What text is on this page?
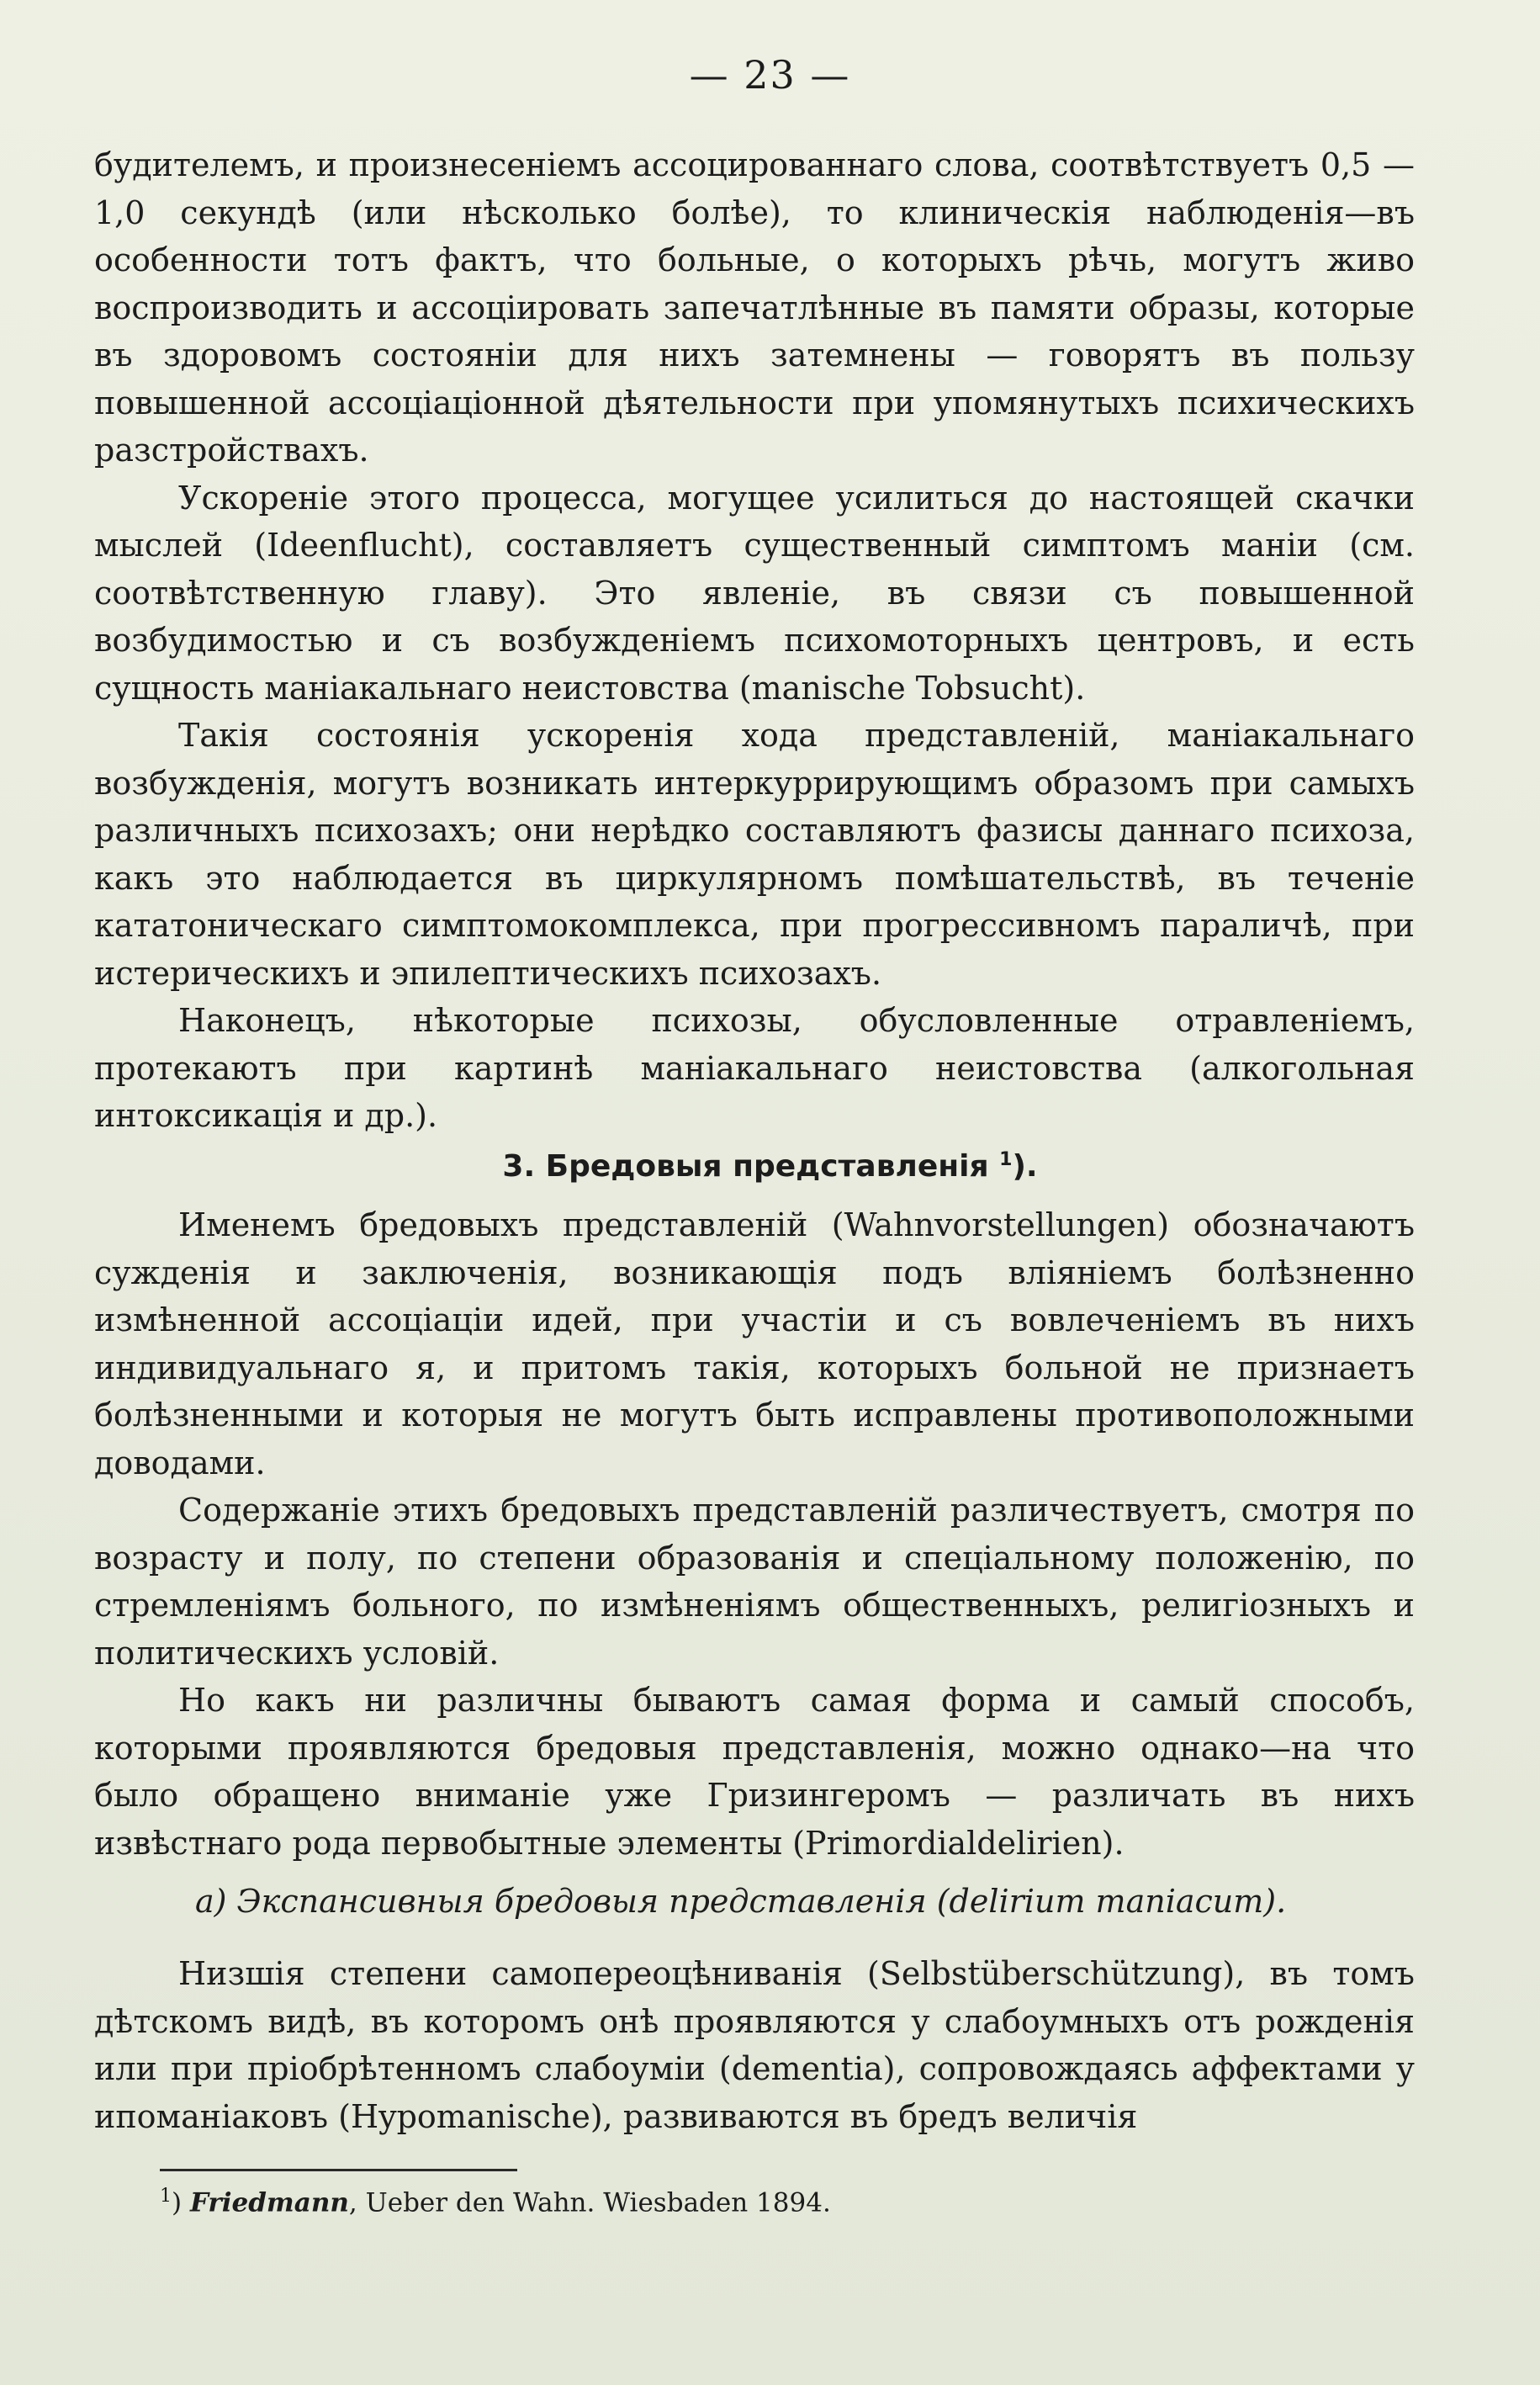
— 23 —

будителемъ, и произнесеніемъ ассоцированнаго слова, соотвѣтствуетъ 0,5 — 1,0 секундѣ (или нѣсколько болѣе), то клиническія наблюденія—въ особенности тотъ фактъ, что больные, о которыхъ рѣчь, могутъ живо воспроизводить и ассоціировать запечатлѣнные въ памяти образы, которые въ здоровомъ состояніи для нихъ затемнены — говорятъ въ пользу повышенной ассоціаціонной дѣятельности при упомянутыхъ психическихъ разстройствахъ.

Ускореніе этого процесса, могущее усилиться до настоящей скачки мыслей (Ideenflucht), составляетъ существенный симптомъ маніи (см. соотвѣтственную главу). Это явленіе, въ связи съ повышенной возбудимостью и съ возбужденіемъ психомоторныхъ центровъ, и есть сущность маніакальнаго неистовства (manische Tobsucht).

Такія состоянія ускоренія хода представленій, маніакальнаго возбужденія, могутъ возникать интеркуррирующимъ образомъ при самыхъ различныхъ психозахъ; они нерѣдко составляютъ фазисы даннаго психоза, какъ это наблюдается въ циркулярномъ помѣшательствѣ, въ теченіе кататоническаго симптомокомплекса, при прогрессивномъ параличѣ, при истерическихъ и эпилептическихъ психозахъ.

Наконецъ, нѣкоторые психозы, обусловленные отравленіемъ, протекаютъ при картинѣ маніакальнаго неистовства (алкогольная интоксикація и др.).

3. Бредовыя представленія $^1$).

Именемъ бредовыхъ представленій (Wahnvorstellungen) обозначаютъ сужденія и заключенія, возникающія подъ вліяніемъ болѣзненно измѣненной ассоціаціи идей, при участіи и съ вовлеченіемъ въ нихъ индивидуальнаго я, и притомъ такія, которыхъ больной не признаетъ болѣзненными и которыя не могутъ быть исправлены противоположными доводами.

Содержаніе этихъ бредовыхъ представленій различествуетъ, смотря по возрасту и полу, по степени образованія и спеціальному положенію, по стремленіямъ больного, по измѣненіямъ общественныхъ, религіозныхъ и политическихъ условій.

Но какъ ни различны бываютъ самая форма и самый способъ, которыми проявляются бредовыя представленія, можно однако—на что было обращено вниманіе уже Гризингеромъ — различать въ нихъ извѣстнаго рода первобытные элементы (Primordialdelirien).

a) Экспансивныя бредовыя представленія (delirium maniacum).

Низшія степени самопереоцѣниванія (Selbstüberschützung), въ томъ дѣтскомъ видѣ, въ которомъ онѣ проявляются у слабоумныхъ отъ рожденія или при пріобрѣтенномъ слабоуміи (dementia), сопровождаясь аффектами у ипоманіаковъ (Hypomanische), развиваются въ бредъ величія

$^1$) Friedmann, Ueber den Wahn. Wiesbaden 1894.
